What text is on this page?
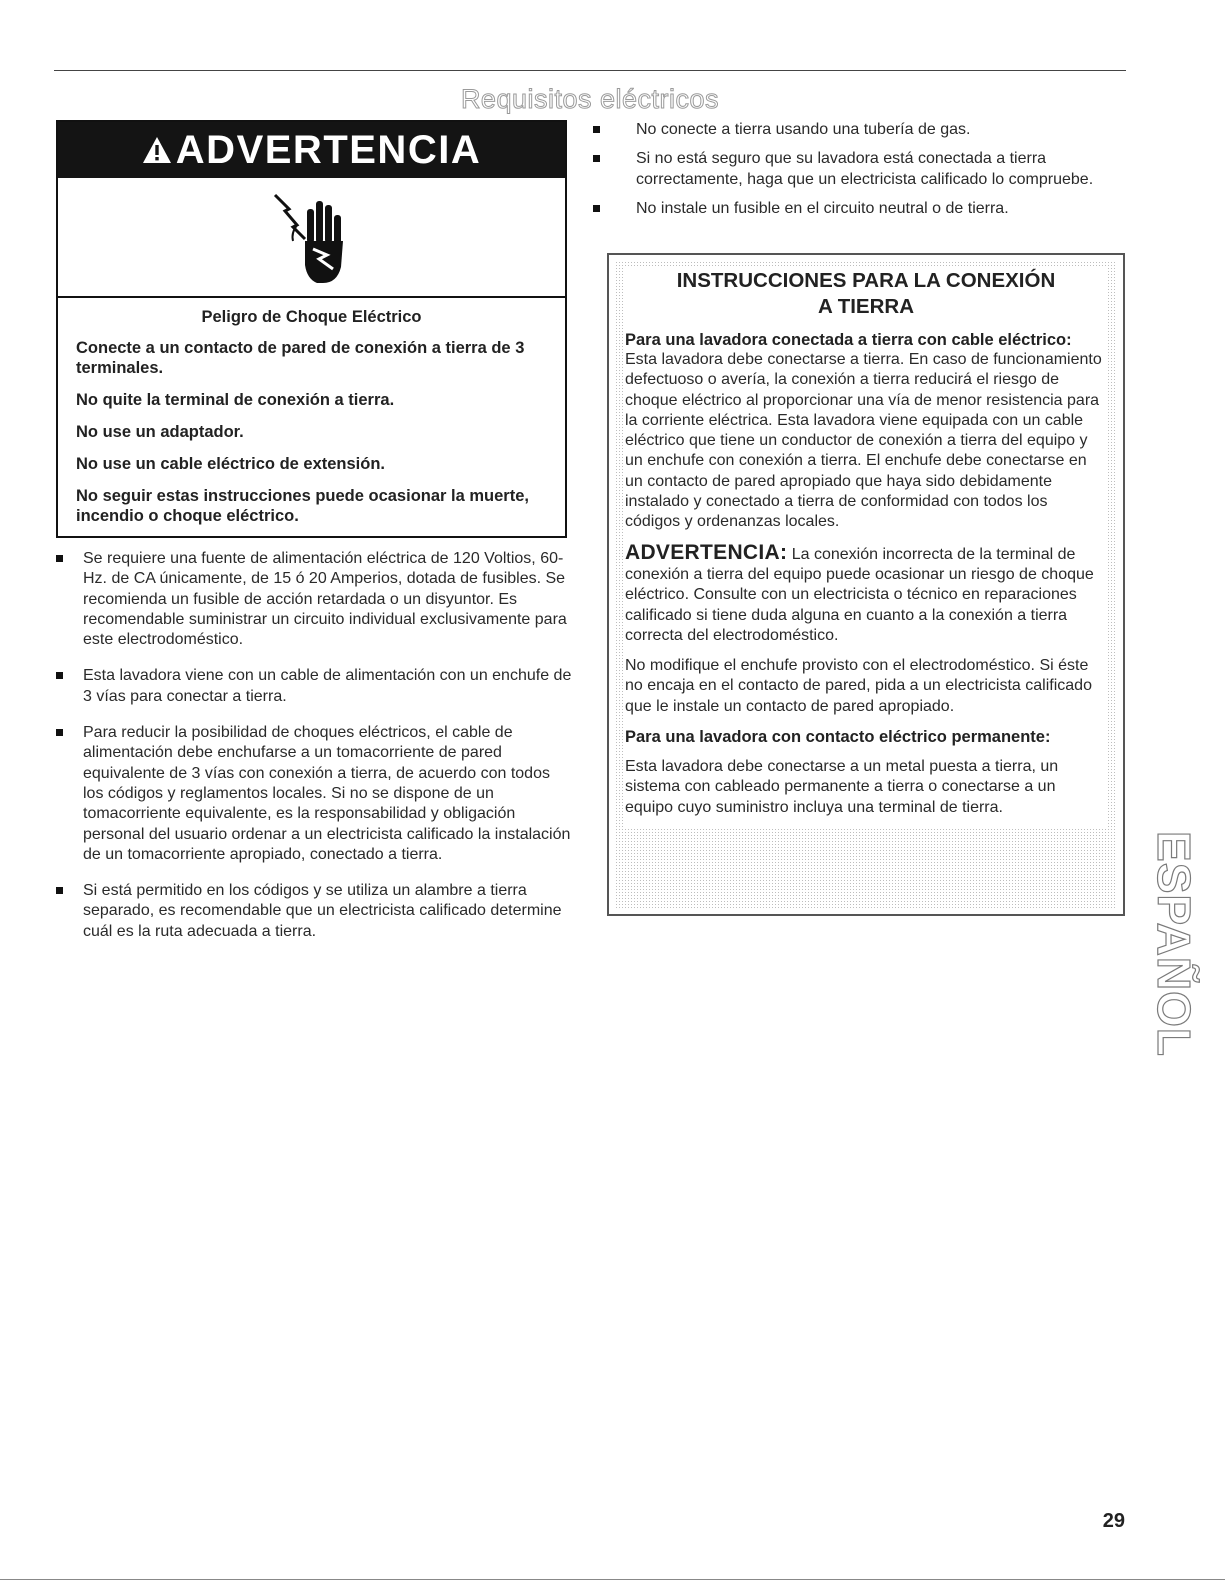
Requisitos eléctricos
ADVERTENCIA
Peligro de Choque Eléctrico
Conecte a un contacto de pared de conexión a tierra de 3 terminales.
No quite la terminal de conexión a tierra.
No use un adaptador.
No use un cable eléctrico de extensión.
No seguir estas instrucciones puede ocasionar la muerte, incendio o choque eléctrico.
Se requiere una fuente de alimentación eléctrica de 120 Voltios, 60-Hz. de CA únicamente, de 15 ó 20 Amperios, dotada de fusibles. Se recomienda un fusible de acción retardada o un disyuntor. Es recomendable suministrar un circuito individual exclusivamente para este electrodoméstico.
Esta lavadora viene con un cable de alimentación con un enchufe de 3 vías para conectar a tierra.
Para reducir la posibilidad de choques eléctricos, el cable de alimentación debe enchufarse a un tomacorriente de pared equivalente de 3 vías con conexión a tierra, de acuerdo con todos los códigos y reglamentos locales. Si no se dispone de un tomacorriente equivalente, es la responsabilidad y obligación personal del usuario ordenar a un electricista calificado la instalación de un tomacorriente apropiado, conectado a tierra.
Si está permitido en los códigos y se utiliza un alambre a tierra separado, es recomendable que un electricista calificado determine cuál es la ruta adecuada a tierra.
No conecte a tierra usando una tubería de gas.
Si no está seguro que su lavadora está conectada a tierra correctamente, haga que un electricista calificado lo compruebe.
No instale un fusible en el circuito neutral o de tierra.
INSTRUCCIONES PARA LA CONEXIÓN
A TIERRA
Para una lavadora conectada a tierra con cable eléctrico:
Esta lavadora debe conectarse a tierra. En caso de funcionamiento defectuoso o avería, la conexión a tierra reducirá el riesgo de choque eléctrico al proporcionar una vía de menor resistencia para la corriente eléctrica. Esta lavadora viene equipada con un cable eléctrico que tiene un conductor de conexión a tierra del equipo y un enchufe con conexión a tierra. El enchufe debe conectarse en un contacto de pared apropiado que haya sido debidamente instalado y conectado a tierra de conformidad con todos los códigos y ordenanzas locales.
ADVERTENCIA: La conexión incorrecta de la terminal de conexión a tierra del equipo puede ocasionar un riesgo de choque eléctrico. Consulte con un electricista o técnico en reparaciones calificado si tiene duda alguna en cuanto a la conexión a tierra correcta del electrodoméstico.
No modifique el enchufe provisto con el electrodoméstico. Si éste no encaja en el contacto de pared, pida a un electricista calificado que le instale un contacto de pared apropiado.
Para una lavadora con contacto eléctrico permanente:
Esta lavadora debe conectarse a un metal puesta a tierra, un sistema con cableado permanente a tierra o conectarse a un equipo cuyo suministro incluya una terminal de tierra.
ESPAÑOL
29
